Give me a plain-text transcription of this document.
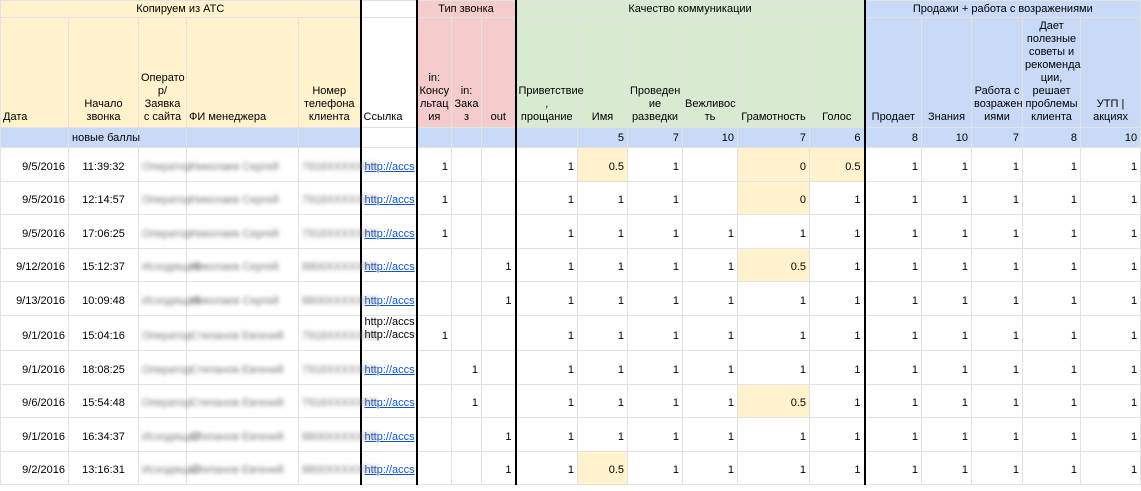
Копируем из АТС						Тип звонка			Качество коммуникации						Продажи + работа с возражениями				
Дата	Начало звонка	Операто р/Заявка с сайта	ФИ менеджера	Номер телефона клиента	Ссылка	in: Консу льтац ия	in: Зака з	out	Приветствие , прощание	Имя	Проведен ие разведки	Вежливос ть	Грамотность	Голос	Продает	Знания	Работа с возражен иями	Дает полезные советы и рекомендa ции, решает проблемы клиента	УТП | акциях
	новые баллы									5	7	10	7	6	8	10	7	8	10
9/5/2016	11:39:32	Оператор	Николаев Сергей	7916XXXXXXX	http://accs	1			1	0.5	1		0	0.5	1	1	1	1	1
9/5/2016	12:14:57	Оператор	Николаев Сергей	7916XXXXXXX	http://accs	1			1	1	1		0	1	1	1	1	1	1
9/5/2016	17:06:25	Оператор	Николаев Сергей	7916XXXXXXX	http://accs	1			1	1	1	1	1	1	1	1	1	1	1
9/12/2016	15:12:37	Исходящий	Николаев Сергей	8800XXXXXXX	http://accs			1	1	1	1	1	0.5	1	1	1	1	1	1
9/13/2016	10:09:48	Исходящий	Николаев Сергей	8800XXXXXXX	http://accs			1	1	1	1	1	1	1	1	1	1	1	1
9/1/2016	15:04:16	Оператор	Степанов Евгений	7916XXXXXXX	http://accs http://accs	1			1	1	1	1	1	1	1	1	1	1	1
9/1/2016	18:08:25	Оператор	Степанов Евгений	7916XXXXXXX	http://accs		1		1	1	1	1	1	1	1	1	1	1	1
9/6/2016	15:54:48	Оператор	Степанов Евгений	7916XXXXXXX	http://accs		1		1	1	1	1	0.5	1	1	1	1	1	1
9/1/2016	16:34:37	Исходящий	Степанов Евгений	8800XXXXXXX	http://accs			1	1	1	1	1	1	1	1	1	1	1	1
9/2/2016	13:16:31	Исходящий	Степанов Евгений	8800XXXXXXX	http://accs			1	1	0.5	1	1	1	1	1	1	1	1	1
